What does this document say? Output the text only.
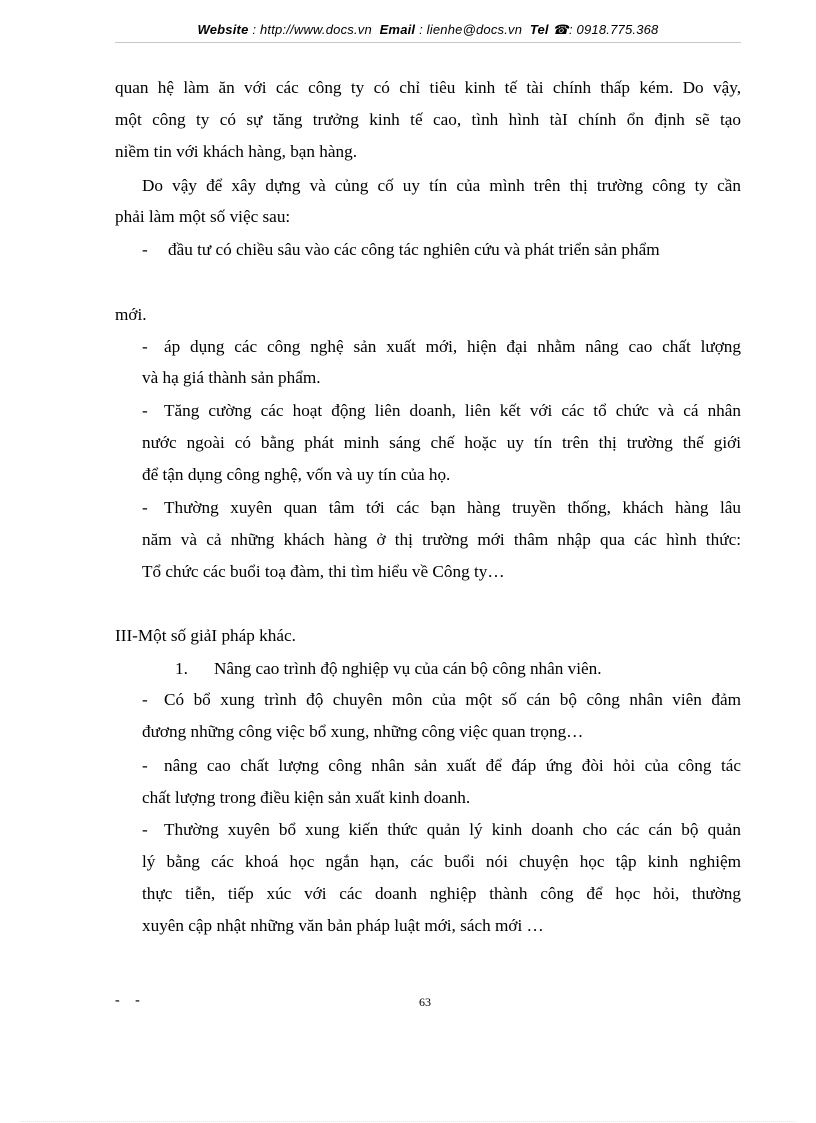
Website : http://www.docs.vn Email : lienhe@docs.vn Tel ☎: 0918.775.368
quan hệ làm ăn với các công ty có chỉ tiêu kinh tế tài chính thấp kém. Do vậy,
một công ty có sự tăng trưởng kinh tế cao, tình hình tàI chính ổn định sẽ tạo
niềm tin với khách hàng, bạn hàng.
Do vậy để xây dựng và củng cố uy tín của mình trên thị trường công ty cần
phải làm một số việc sau:
- đầu tư có chiều sâu vào các công tác nghiên cứu và phát triển sản phẩm
mới.
- áp dụng các công nghệ sản xuất mới, hiện đại nhằm nâng cao chất lượng
và hạ giá thành sản phẩm.
- Tăng cường các hoạt động liên doanh, liên kết với các tổ chức và cá nhân
nước ngoài có bằng phát minh sáng chế hoặc uy tín trên thị trường thế giới
để tận dụng công nghệ, vốn và uy tín của họ.
- Thường xuyên quan tâm tới các bạn hàng truyền thống, khách hàng lâu
năm và cả những khách hàng ở thị trường mới thâm nhập qua các hình thức:
Tổ chức các buổi toạ đàm, thi tìm hiểu về Công ty…
III-Một số giảI pháp khác.
1. Nâng cao trình độ nghiệp vụ của cán bộ công nhân viên.
- Có bổ xung trình độ chuyên môn của một số cán bộ công nhân viên đảm
đương những công việc bổ xung, những công việc quan trọng…
- nâng cao chất lượng công nhân sản xuất để đáp ứng đòi hỏi của công tác
chất lượng trong điều kiện sản xuất kinh doanh.
- Thường xuyên bổ xung kiến thức quản lý kinh doanh cho các cán bộ quản
lý bằng các khoá học ngắn hạn, các buổi nói chuyện học tập kinh nghiệm
thực tiễn, tiếp xúc với các doanh nghiệp thành công để học hỏi, thường
xuyên cập nhật những văn bản pháp luật mới, sách mới …
- -	63
